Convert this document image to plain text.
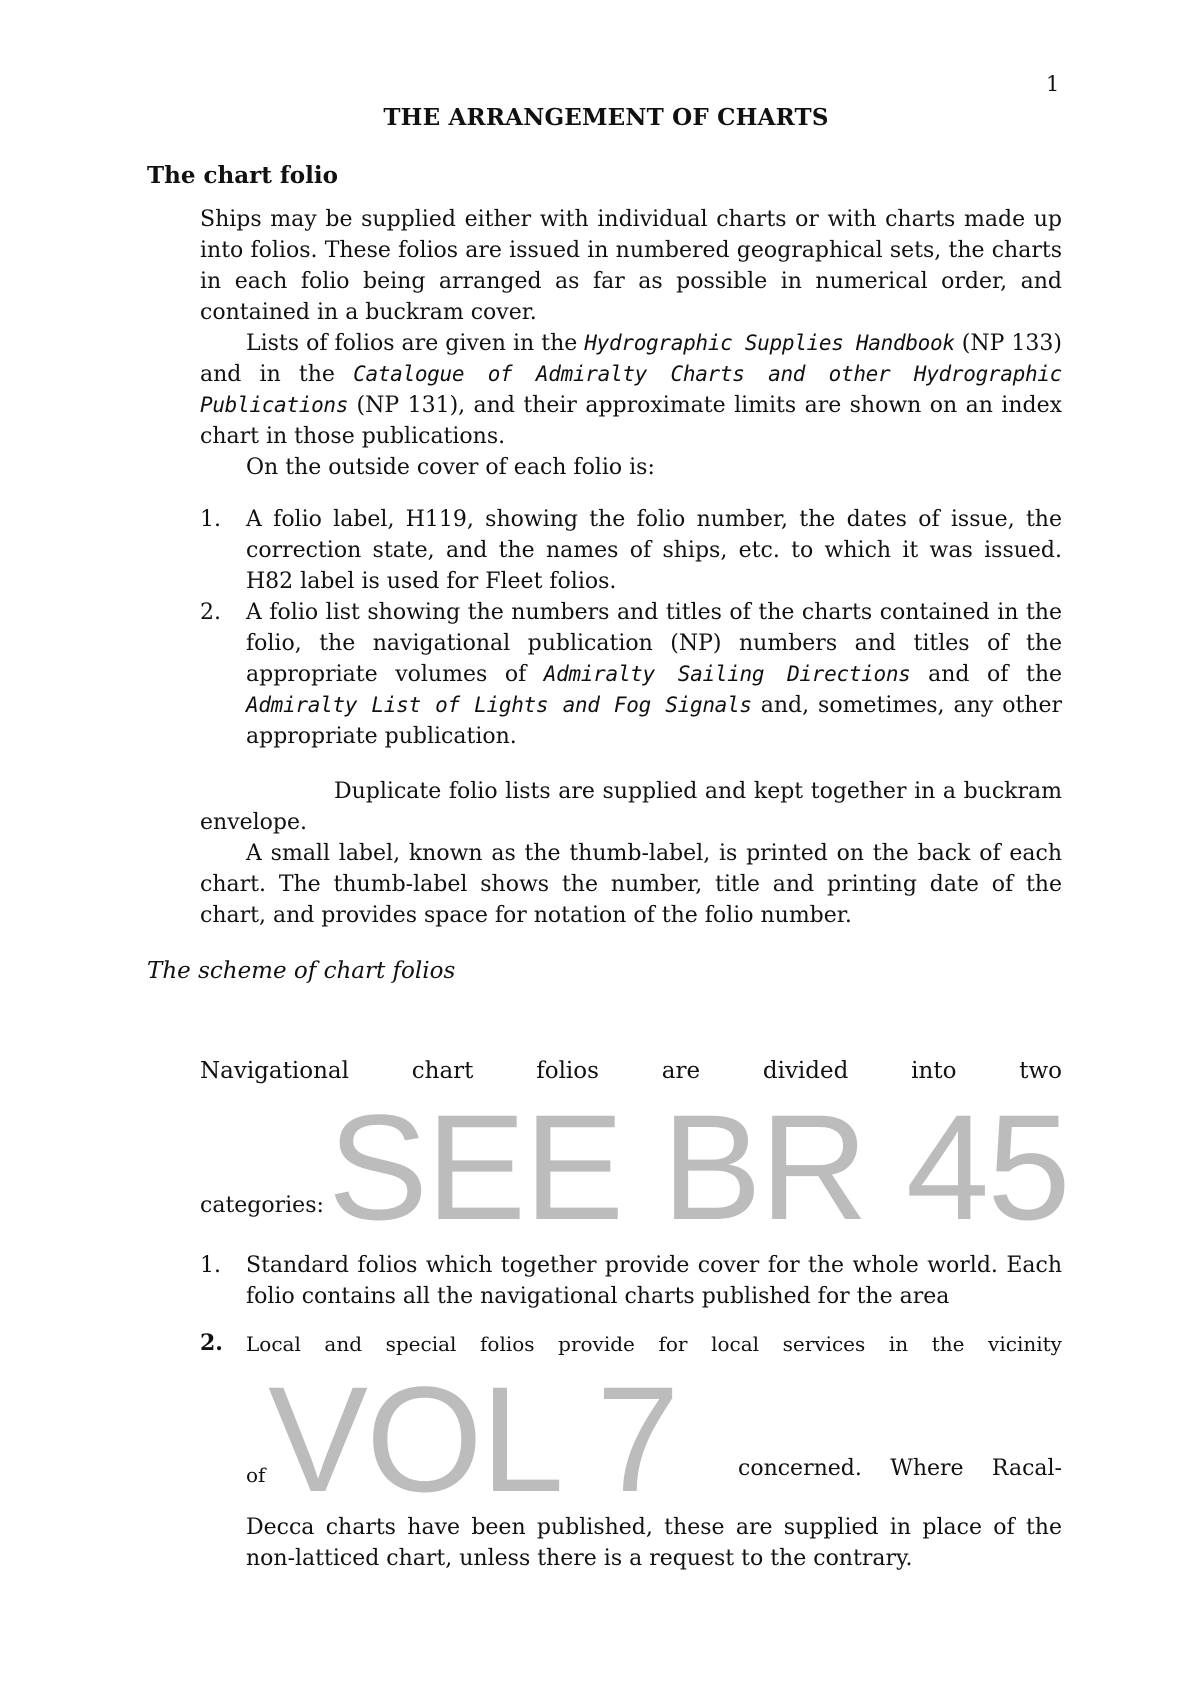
1
THE ARRANGEMENT OF CHARTS
The chart folio

Ships may be supplied either with individual charts or with charts made up into folios. These folios are issued in numbered geographical sets, the charts in each folio being arranged as far as possible in numerical order, and contained in a buckram cover.

Lists of folios are given in the Hydrographic Supplies Handbook (NP 133) and in the Catalogue of Admiralty Charts and other Hydrographic Publications (NP 131), and their approximate limits are shown on an index chart in those publications.

On the outside cover of each folio is:

1. A folio label, H119, showing the folio number, the dates of issue, the correction state, and the names of ships, etc. to which it was issued. H82 label is used for Fleet folios.
2. A folio list showing the numbers and titles of the charts contained in the folio, the navigational publication (NP) numbers and titles of the appropriate volumes of Admiralty Sailing Directions and of the Admiralty List of Lights and Fog Signals and, sometimes, any other appropriate publication.

Duplicate folio lists are supplied and kept together in a buckram

envelope.

A small label, known as the thumb-label, is printed on the back of each chart. The thumb-label shows the number, title and printing date of the chart, and provides space for notation of the folio number.

The scheme of chart folios
SEE BR 45
VOL 7
Navigational	chart	folios	are	divided	into	two
categories:
1. Standard folios which together provide cover for the whole world. Each folio contains all the navigational charts published for the area
2. Local and special folios provide for local services in the vicinity
of	concerned. Where Racal-
Decca charts have been published, these are supplied in place of the non-latticed chart, unless there is a request to the contrary.
